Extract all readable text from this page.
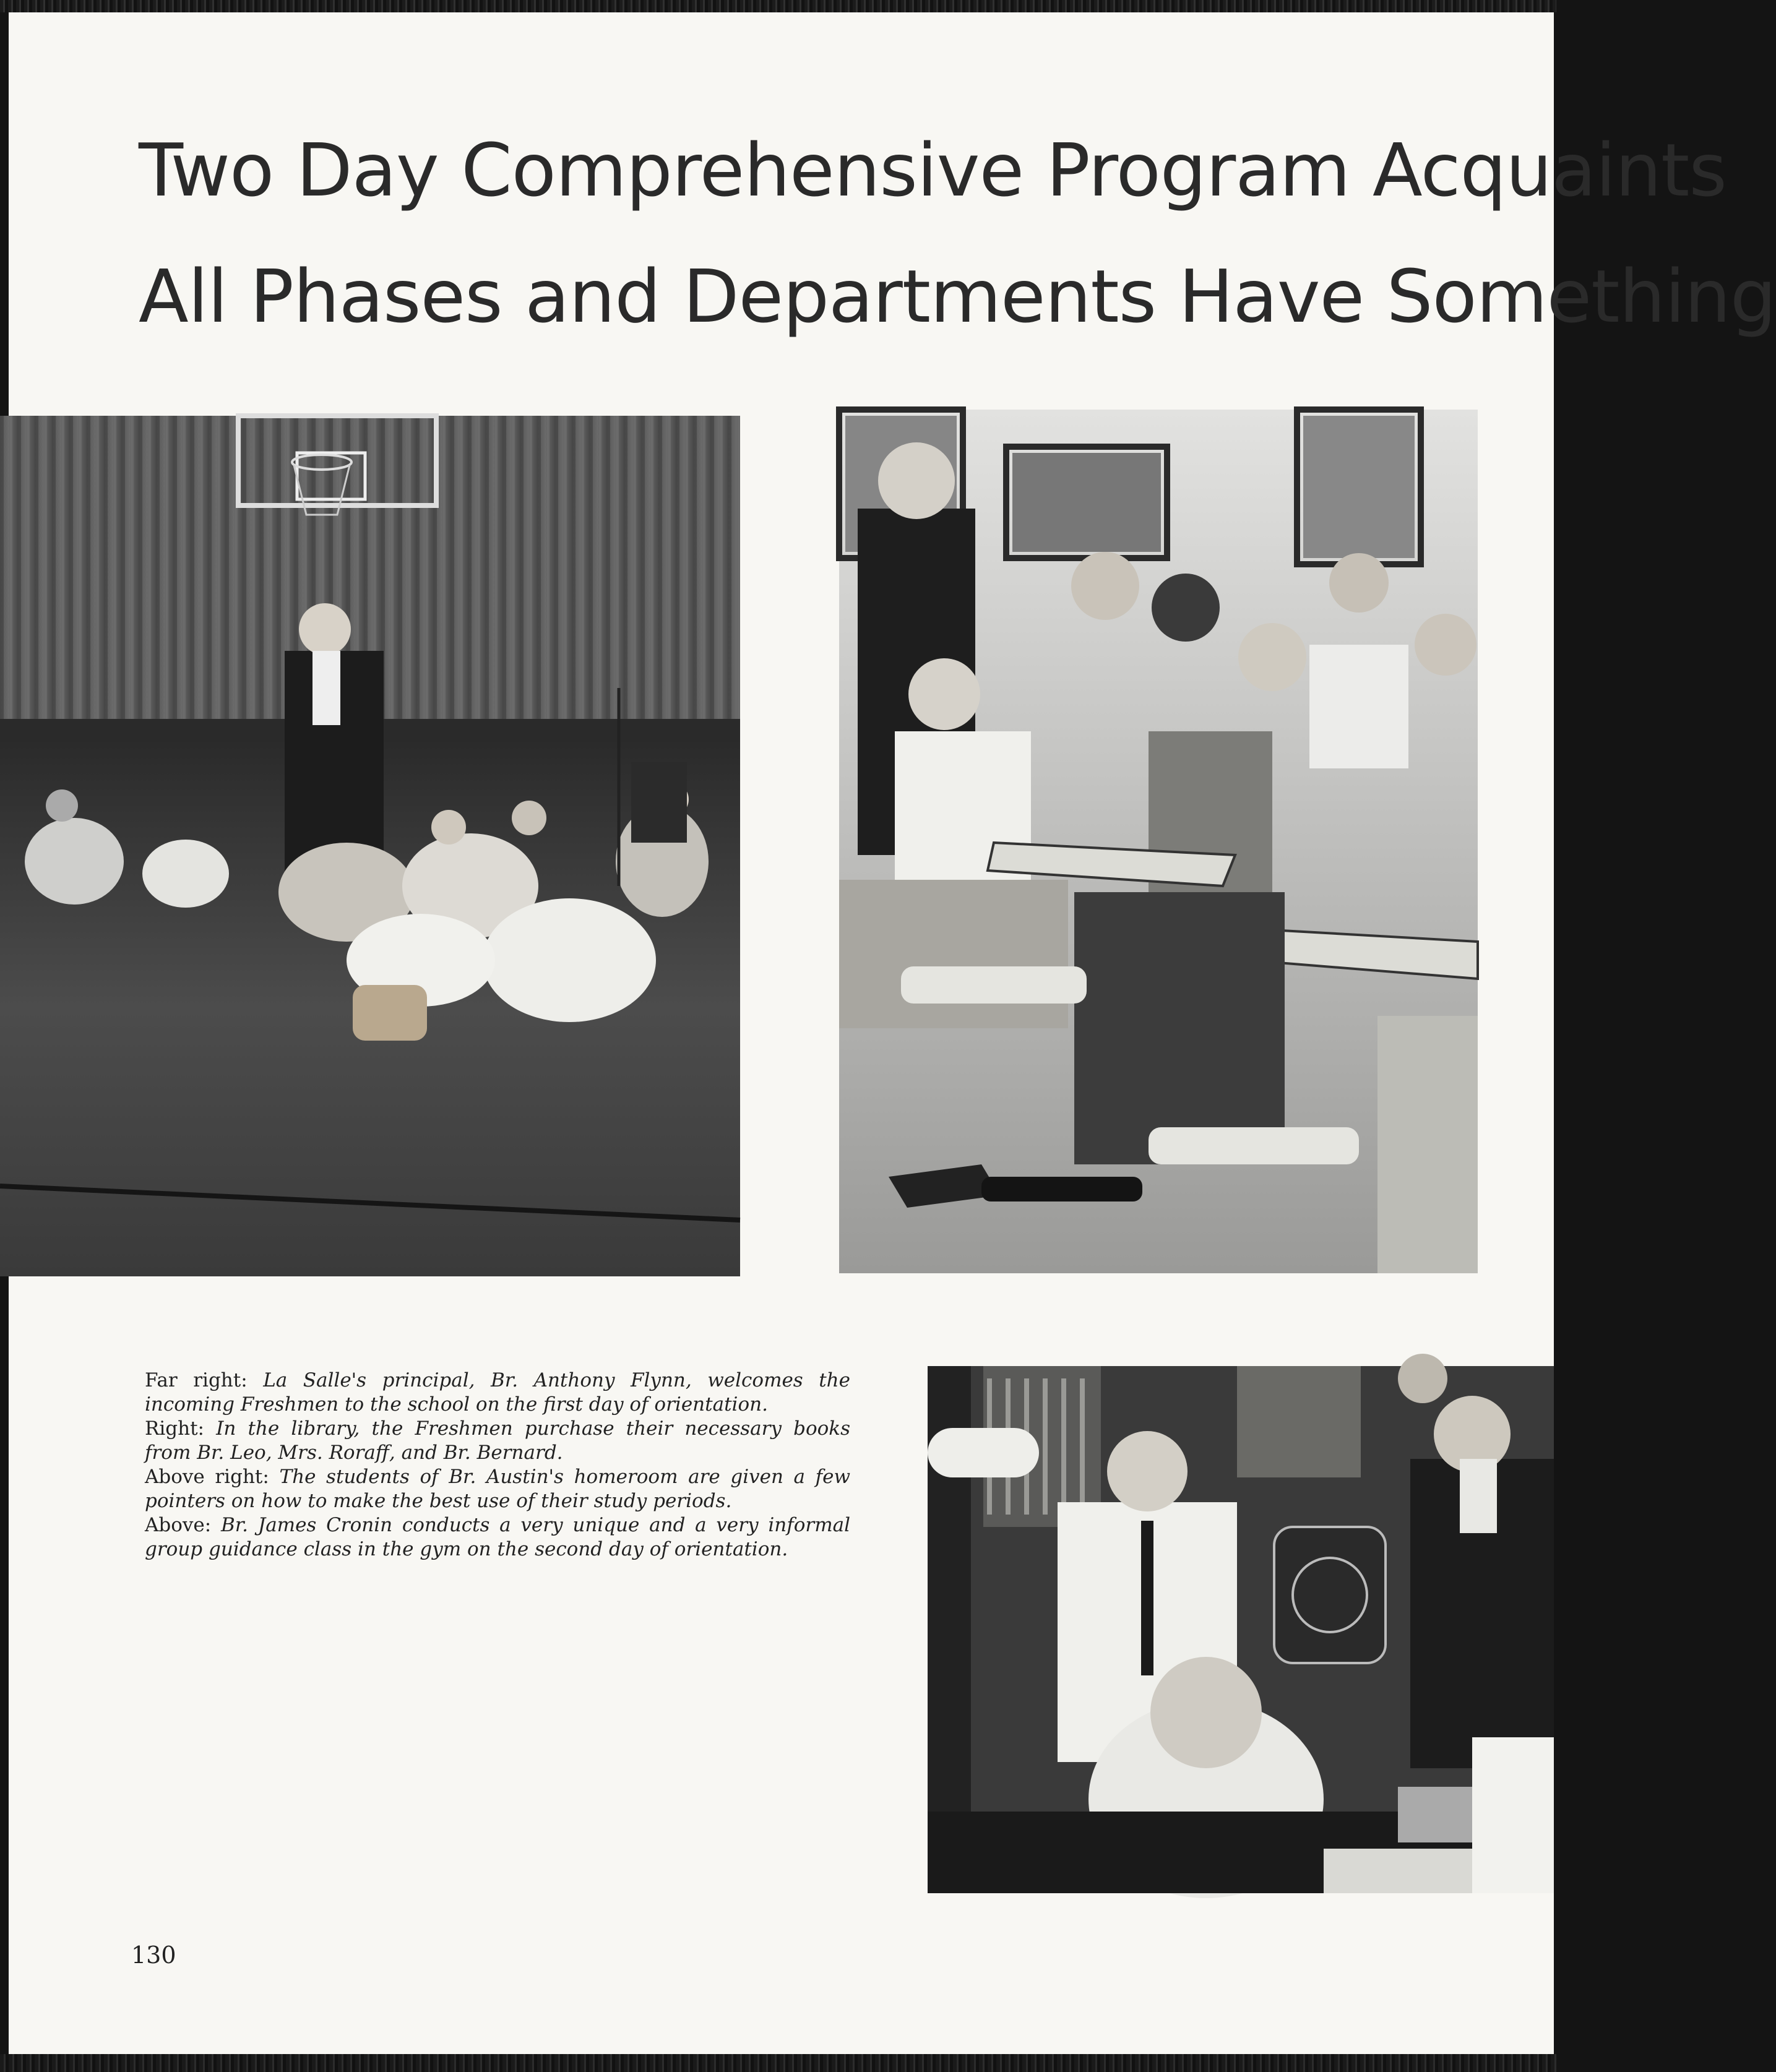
Two Day Comprehensive Program Acquaints
All Phases and Departments Have Something

Far right: La Salle's principal, Br. Anthony Flynn, welcomes the incoming Freshmen to the school on the first day of orientation.

Right: In the library, the Freshmen purchase their necessary books from Br. Leo, Mrs. Roraff, and Br. Bernard.

Above right: The students of Br. Austin's homeroom are given a few pointers on how to make the best use of their study periods.

Above: Br. James Cronin conducts a very unique and a very informal group guidance class in the gym on the second day of orientation.

130
